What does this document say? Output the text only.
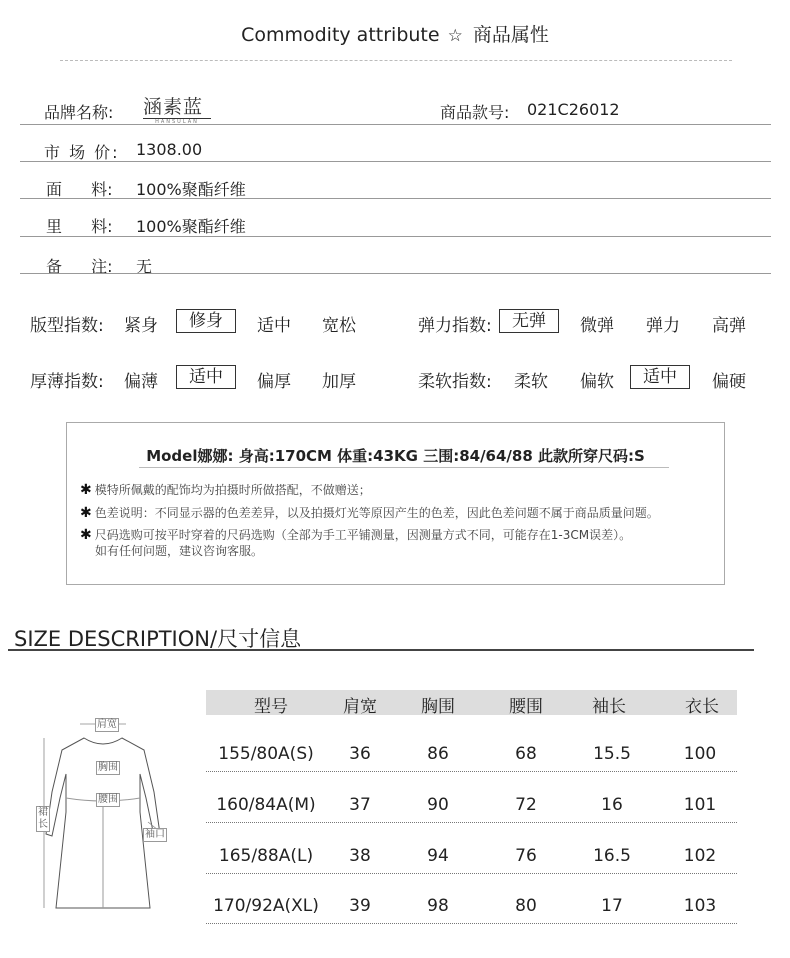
Commodity attribute ☆ 商品属性
品牌名称: 涵素蓝
HANSULAN	商品款号: 021C26012
市 场 价: 1308.00
面 料: 100%聚酯纤维
里 料: 100%聚酯纤维
备 注: 无
版型指数: 紧身	修身	适中 宽松	弹力指数:	无弹	微弹 弹力 高弹
厚薄指数: 偏薄	适中	偏厚 加厚	柔软指数: 柔软 偏软	适中	偏硬
Model娜娜: 身高:170CM 体重:43KG 三围:84/64/88 此款所穿尺码:S
✱ 模特所佩戴的配饰均为拍摄时所做搭配，不做赠送；
✱ 色差说明：不同显示器的色差差异，以及拍摄灯光等原因产生的色差，因此色差问题不属于商品质量问题。
✱ 尺码选购可按平时穿着的尺码选购（全部为手工平铺测量，因测量方式不同，可能存在1-3CM误差）。
如有任何问题，建议咨询客服。
SIZE DESCRIPTION/尺寸信息
肩宽
胸围
腰围
裙长
袖口
型号	肩宽	胸围	腰围	袖长	衣长
155/80A(S)	36	86	68	15.5	100
160/84A(M)	37	90	72	16	101
165/88A(L)	38	94	76	16.5	102
170/92A(XL)	39	98	80	17	103
